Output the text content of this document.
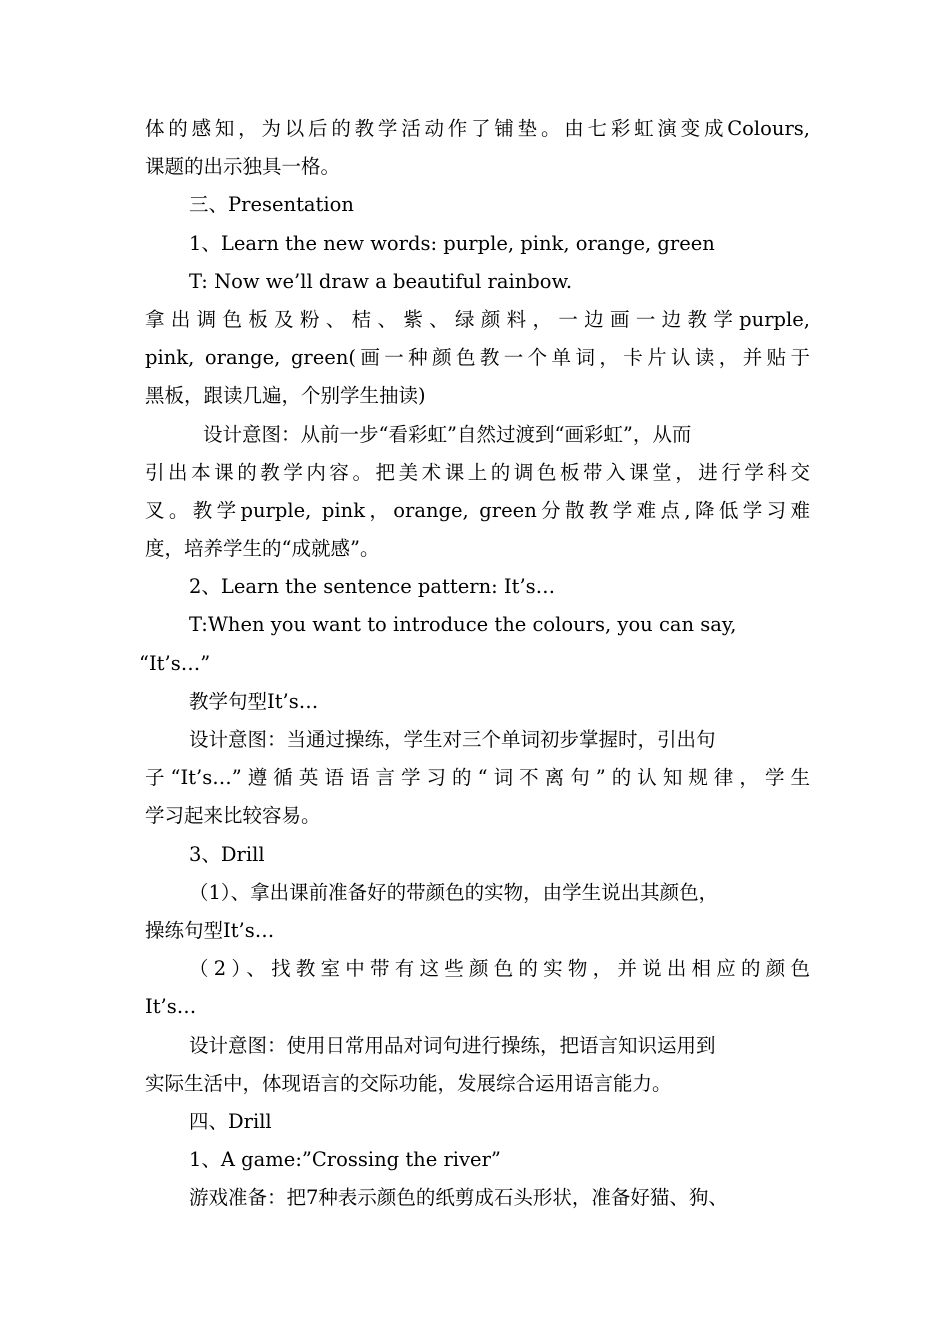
体的感知，为以后的教学活动作了铺垫。由七彩虹演变成Colours,
课题的出示独具一格。
三、Presentation
1、Learn the new words: purple, pink, orange, green
T: Now we’ll draw a beautiful rainbow.
拿出调色板及粉、桔、紫、绿颜料，一边画一边教学purple,
pink, orange, green(画一种颜色教一个单词，卡片认读，并贴于
黑板，跟读几遍，个别学生抽读)
设计意图：从前一步“看彩虹”自然过渡到“画彩虹”，从而
引出本课的教学内容。把美术课上的调色板带入课堂，进行学科交
叉。教学purple, pink，orange, green分散教学难点,降低学习难
度，培养学生的“成就感”。
2、Learn the sentence pattern: It’s…
T:When you want to introduce the colours, you can say,
“It’s…”
教学句型It’s…
设计意图：当通过操练，学生对三个单词初步掌握时，引出句
子“It’s…”遵循英语语言学习的“词不离句”的认知规律，学生
学习起来比较容易。
3、Drill
（1）、拿出课前准备好的带颜色的实物，由学生说出其颜色，
操练句型It’s…
（2）、找教室中带有这些颜色的实物，并说出相应的颜色
It’s…
设计意图：使用日常用品对词句进行操练，把语言知识运用到
实际生活中，体现语言的交际功能，发展综合运用语言能力。
四、Drill
1、A game:”Crossing the river”
游戏准备：把7种表示颜色的纸剪成石头形状，准备好猫、狗、
